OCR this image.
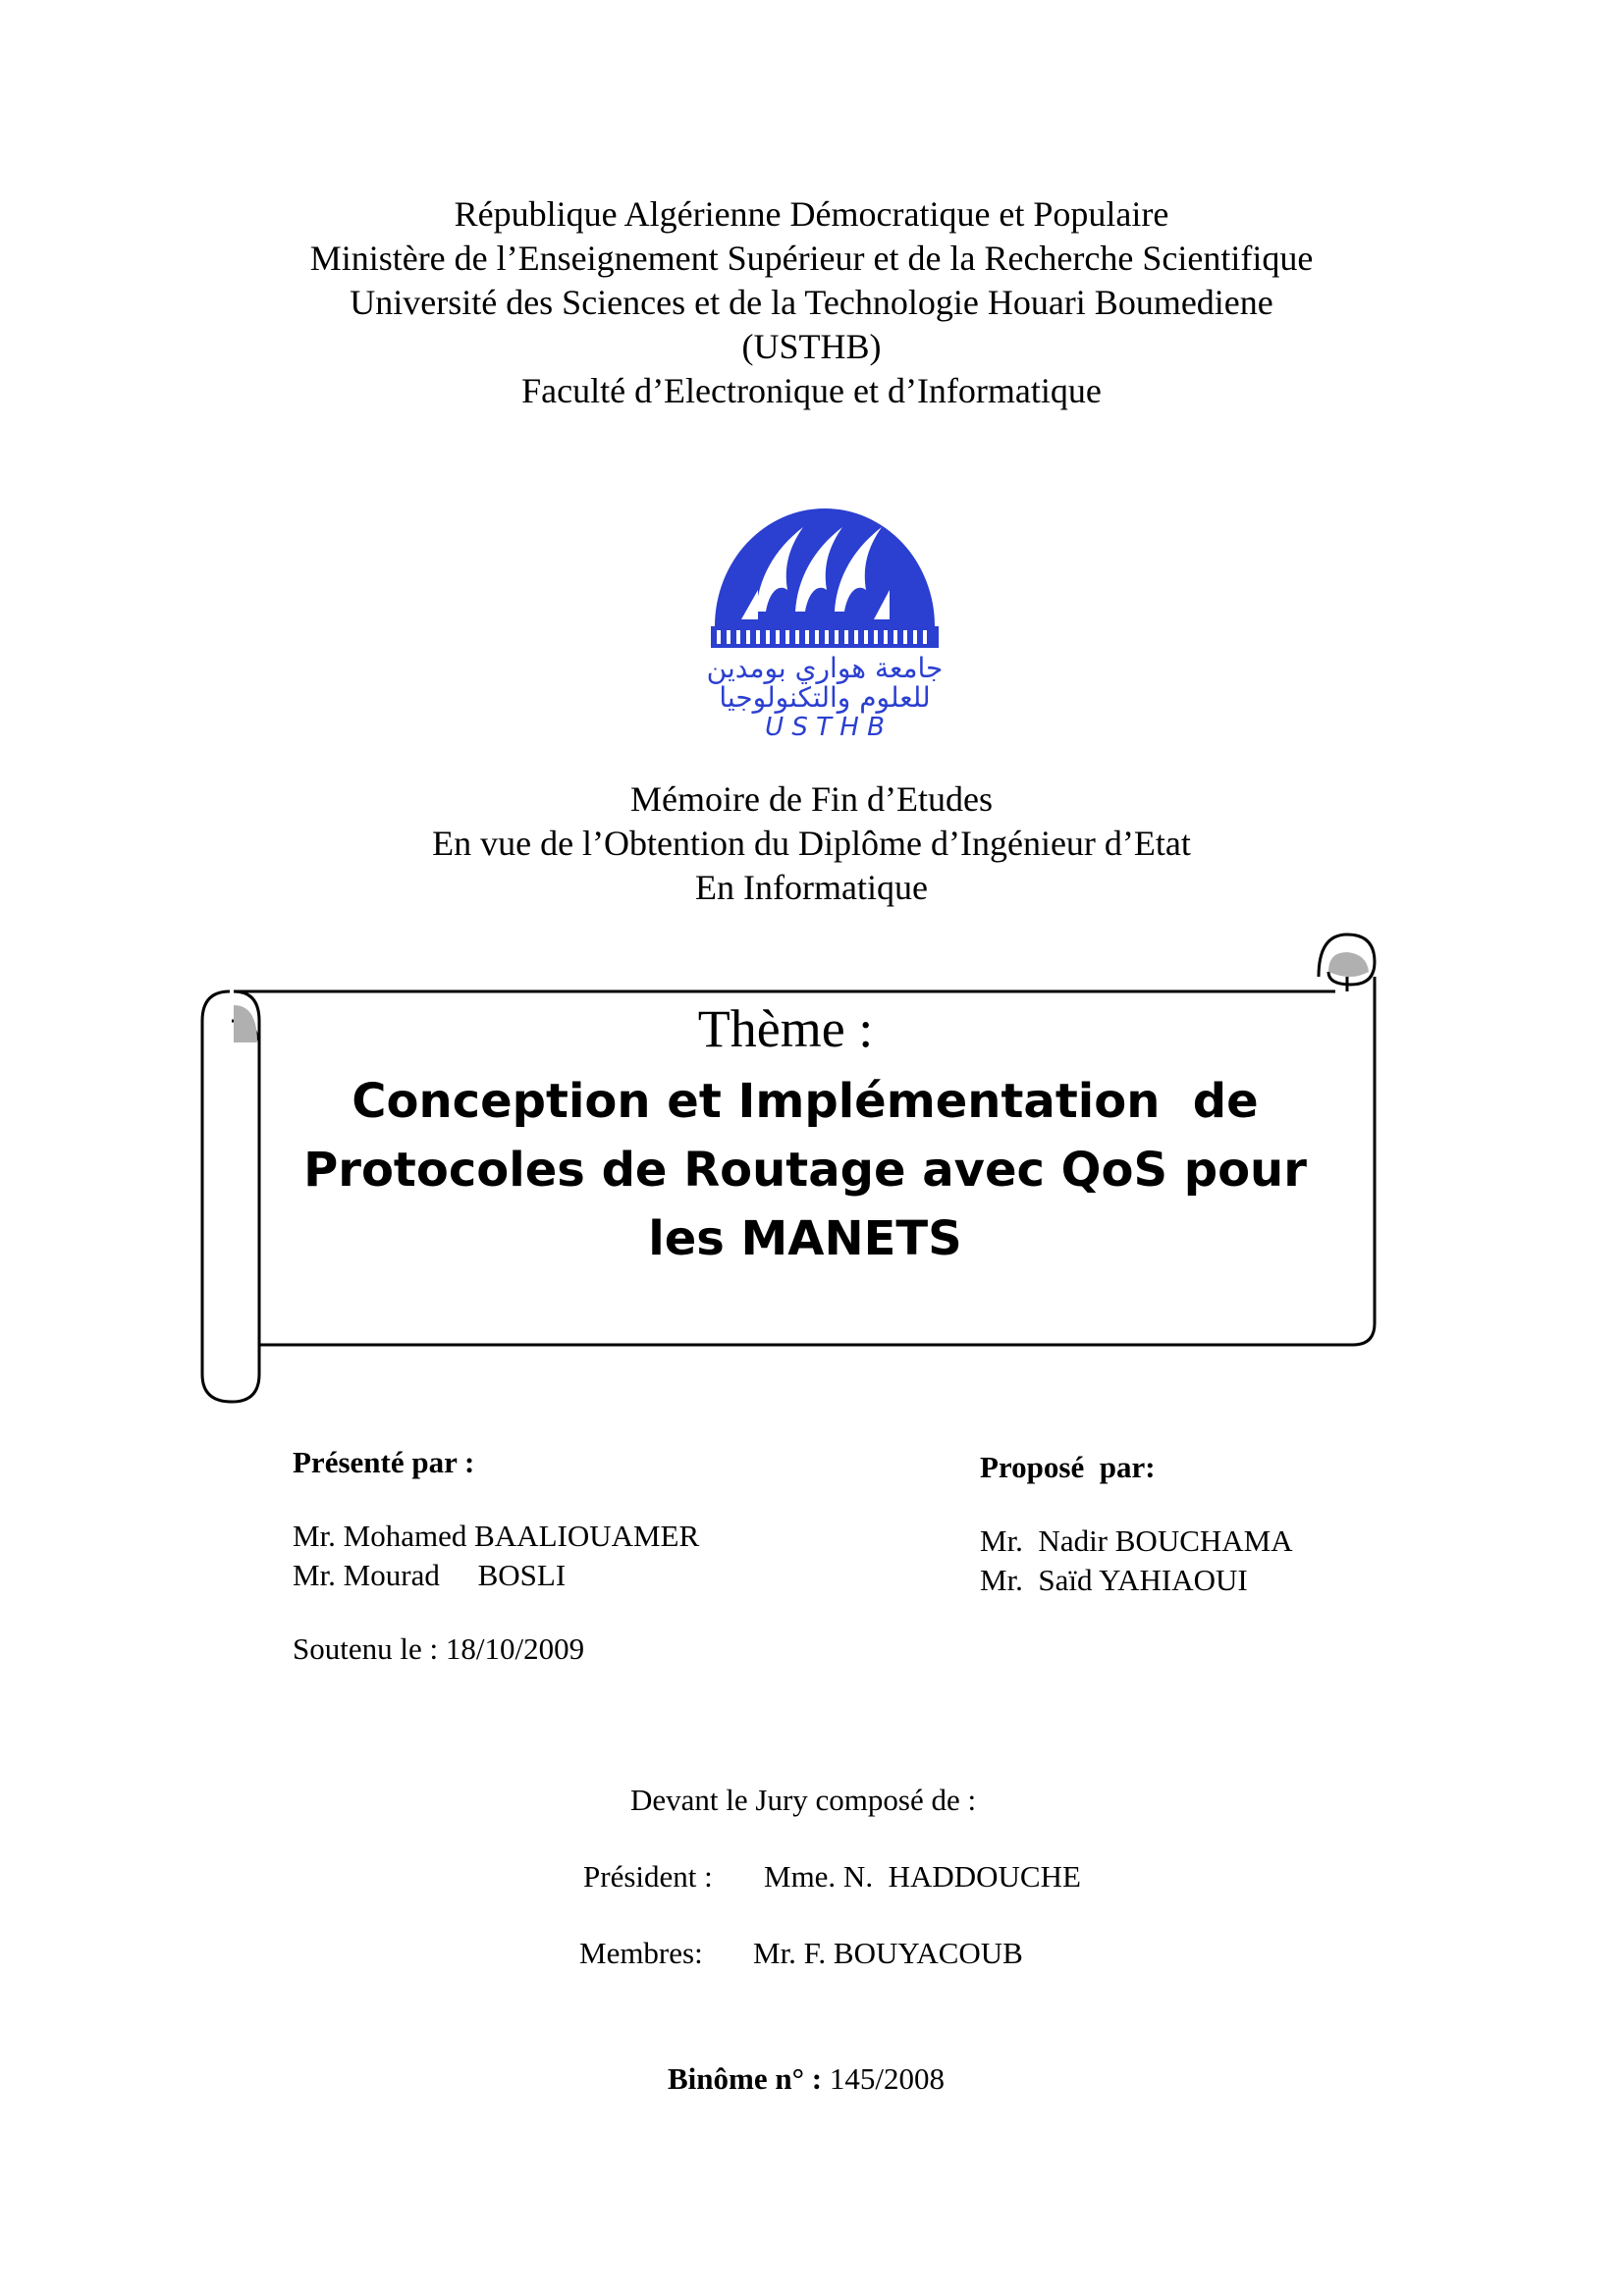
République Algérienne Démocratique et Populaire
Ministère de l’Enseignement Supérieur et de la Recherche Scientifique
Université des Sciences et de la Technologie Houari Boumediene
(USTHB)
Faculté d’Electronique et d’Informatique
جامعة هواري بومدين
للعلوم والتكنولوجيا
U S T H B
Mémoire de Fin d’Etudes
En vue de l’Obtention du Diplôme d’Ingénieur d’Etat
En Informatique
Thème :
Conception et Implémentation  de
Protocoles de Routage avec QoS pour
les MANETS
Présenté par :
Mr. Mohamed BAALIOUAMER
Mr. Mourad     BOSLI
Proposé  par:
Mr.  Nadir BOUCHAMA
Mr.  Saïd YAHIAOUI
Soutenu le : 18/10/2009
Devant le Jury composé de :
Président : Mme. N.  HADDOUCHE
Membres: Mr. F. BOUYACOUB
Binôme n° : 145/2008
